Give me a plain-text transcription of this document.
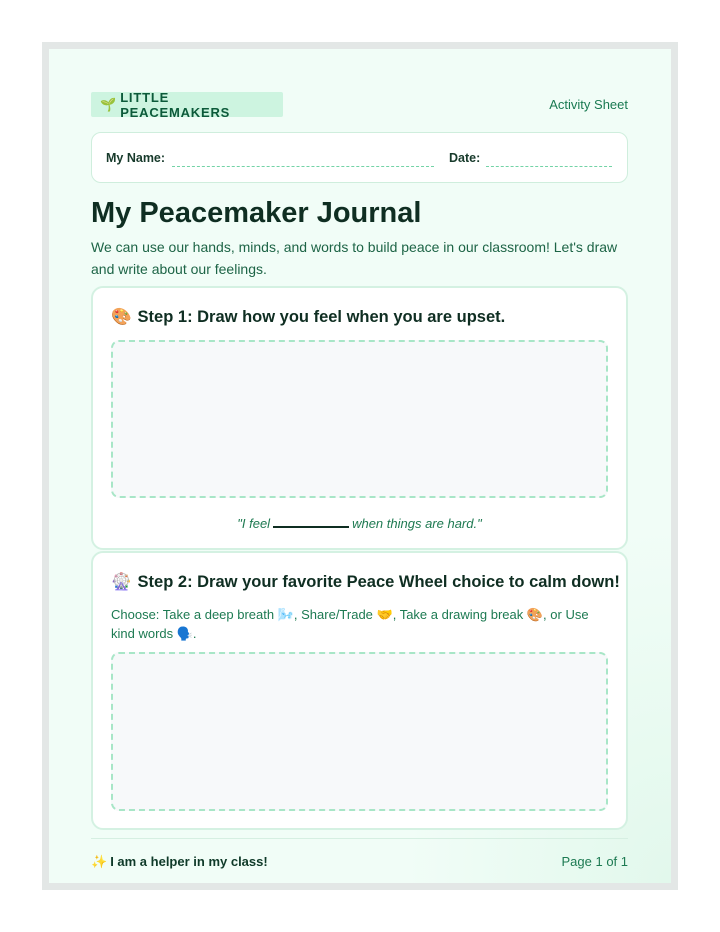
🌱 LITTLE PEACEMAKERS	Activity Sheet
My Name:	Date:
My Peacemaker Journal

We can use our hands, minds, and words to build peace in our classroom! Let's draw and write about our feelings.

🎨 Step 1: Draw how you feel when you are upset.
"I feel	when things are hard."
🎡 Step 2: Draw your favorite Peace Wheel choice to calm down!

Choose: Take a deep breath 🌬️, Share/Trade 🤝, Take a drawing break 🎨, or Use kind words 🗣️.

✨ I am a helper in my class!	Page 1 of 1
